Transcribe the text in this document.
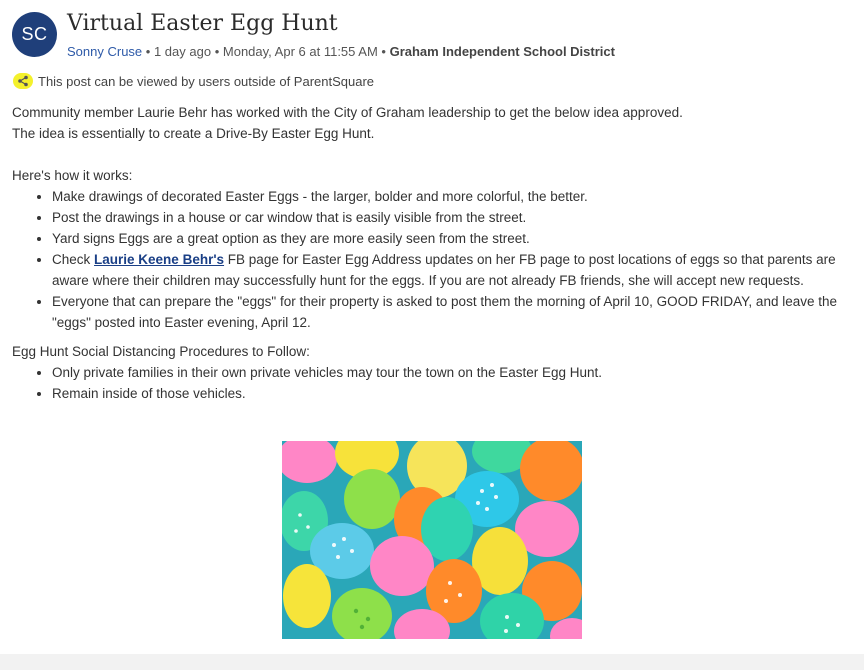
SC Virtual Easter Egg Hunt
Sonny Cruse • 1 day ago • Monday, Apr 6 at 11:55 AM • Graham Independent School District
This post can be viewed by users outside of ParentSquare

Community member Laurie Behr has worked with the City of Graham leadership to get the below idea approved.

The idea is essentially to create a Drive-By Easter Egg Hunt.

Here's how it works:

• Make drawings of decorated Easter Eggs - the larger, bolder and more colorful, the better.
• Post the drawings in a house or car window that is easily visible from the street.
• Yard signs Eggs are a great option as they are more easily seen from the street.
• Check Laurie Keene Behr's FB page for Easter Egg Address updates on her FB page to post locations of eggs so that parents are aware where their children may successfully hunt for the eggs. If you are not already FB friends, she will accept new requests.
• Everyone that can prepare the "eggs" for their property is asked to post them the morning of April 10, GOOD FRIDAY, and leave the "eggs" posted into Easter evening, April 12.

Egg Hunt Social Distancing Procedures to Follow:

• Only private families in their own private vehicles may tour the town on the Easter Egg Hunt.
• Remain inside of those vehicles.
